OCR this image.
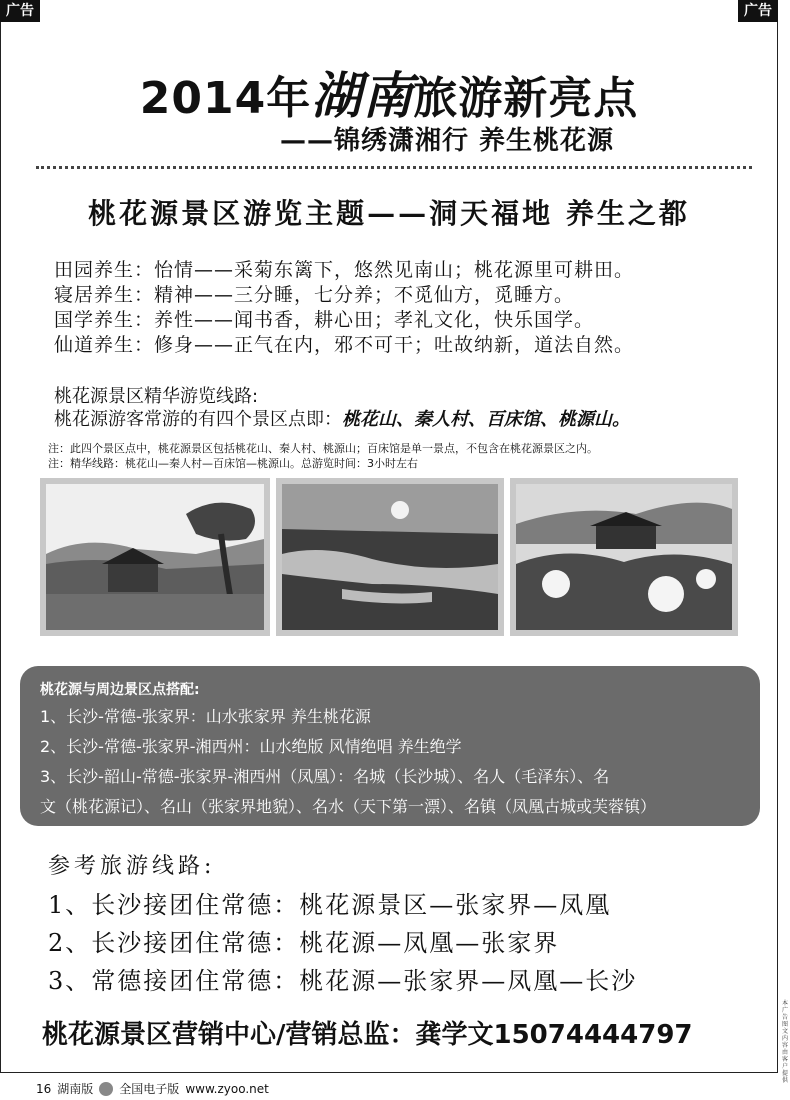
广告	广告
2014年湖南旅游新亮点
——锦绣潇湘行 养生桃花源
桃花源景区游览主题——洞天福地 养生之都
田园养生：怡情——采菊东篱下，悠然见南山；桃花源里可耕田。
寝居养生：精神——三分睡，七分养；不觅仙方，觅睡方。
国学养生：养性——闻书香，耕心田；孝礼文化，快乐国学。
仙道养生：修身——正气在内，邪不可干；吐故纳新，道法自然。
桃花源景区精华游览线路:
桃花源游客常游的有四个景区点即：桃花山、秦人村、百床馆、桃源山。
注：此四个景区点中，桃花源景区包括桃花山、秦人村、桃源山；百床馆是单一景点，不包含在桃花源景区之内。
注：精华线路：桃花山—秦人村—百床馆—桃源山。总游览时间：3小时左右
桃花源与周边景区点搭配:
1、长沙-常德-张家界：山水张家界 养生桃花源
2、长沙-常德-张家界-湘西州：山水绝版 风情绝唱 养生绝学
3、长沙-韶山-常德-张家界-湘西州（凤凰）：名城（长沙城）、名人（毛泽东）、名
文（桃花源记）、名山（张家界地貌）、名水（天下第一漂）、名镇（凤凰古城或芙蓉镇）
参考旅游线路:
1、长沙接团住常德：桃花源景区—张家界—凤凰
2、长沙接团住常德：桃花源—凤凰—张家界
3、常德接团住常德：桃花源—张家界—凤凰—长沙
桃花源景区营销中心/营销总监：龚学文15074444797
本广告图文内容由客户提供
16 湖南版 全国电子版 www.zyoo.net
